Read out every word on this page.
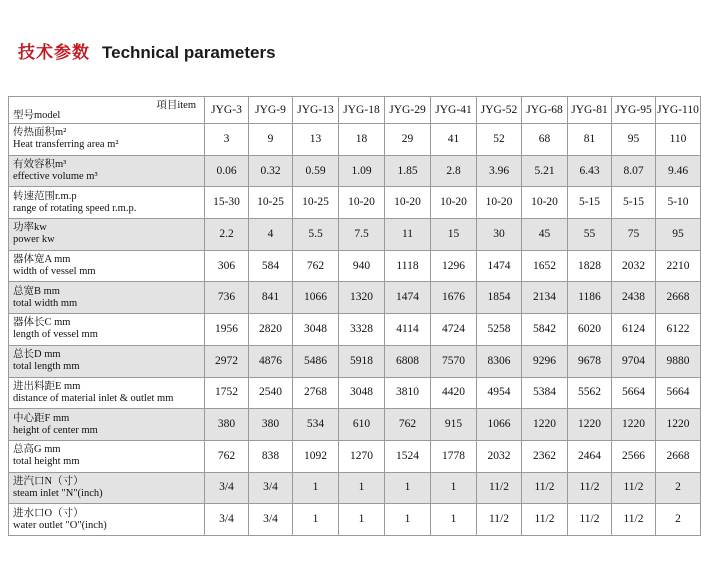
技术参数 Technical parameters
項目item
型号model	JYG-3	JYG-9	JYG-13	JYG-18	JYG-29	JYG-41	JYG-52	JYG-68	JYG-81	JYG-95	JYG-110

传热面积m²
Heat transferring area m²	3	9	13	18	29	41	52	68	81	95	110

有效容积m³
effective volume m³	0.06	0.32	0.59	1.09	1.85	2.8	3.96	5.21	6.43	8.07	9.46

转速范围r.m.p
range of rotating speed r.m.p.	15-30	10-25	10-25	10-20	10-20	10-20	10-20	10-20	5-15	5-15	5-10

功率kw
power kw	2.2	4	5.5	7.5	11	15	30	45	55	75	95

器体宽A mm
width of vessel mm	306	584	762	940	1118	1296	1474	1652	1828	2032	2210

总宽B mm
total width mm	736	841	1066	1320	1474	1676	1854	2134	1186	2438	2668

器体长C mm
length of vessel mm	1956	2820	3048	3328	4114	4724	5258	5842	6020	6124	6122

总长D mm
total length mm	2972	4876	5486	5918	6808	7570	8306	9296	9678	9704	9880

进出料距E mm
distance of material inlet & outlet mm	1752	2540	2768	3048	3810	4420	4954	5384	5562	5664	5664

中心距F mm
height of center mm	380	380	534	610	762	915	1066	1220	1220	1220	1220

总高G mm
total height mm	762	838	1092	1270	1524	1778	2032	2362	2464	2566	2668

进汽口N（寸）
steam inlet "N"(inch)	3/4	3/4	1	1	1	1	11/2	11/2	11/2	11/2	2

进水口O（寸）
water outlet "O"(inch)	3/4	3/4	1	1	1	1	11/2	11/2	11/2	11/2	2
